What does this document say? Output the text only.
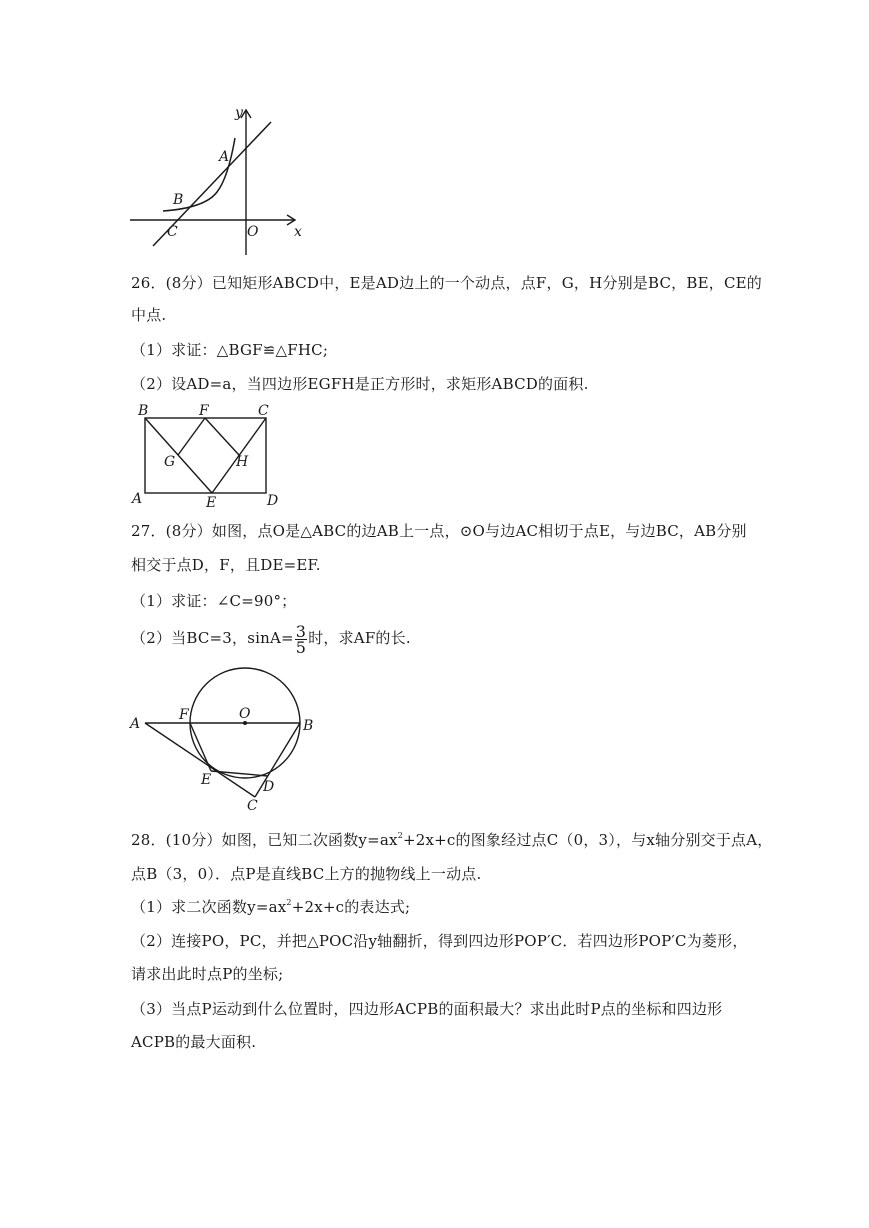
y
x
A
B
C	O
26．(8分）已知矩形ABCD中，E是AD边上的一个动点，点F，G，H分别是BC，BE，CE的
中点.
（1）求证：△BGF≌△FHC;
（2）设AD=a，当四边形EGFH是正方形时，求矩形ABCD的面积.
B	F	C
G	H
A	E	D
27．(8分）如图，点O是△ABC的边AB上一点，⊙O与边AC相切于点E，与边BC，AB分别
相交于点D，F，且DE=EF.
（1）求证：∠C=90°；
（2）当BC=3，$\sin A= \frac{3}{5}$ 时，求AF的长.
A
F	O
B
E	D
C
28．(10分）如图，已知二次函数$y=ax^2+2x+c$的图象经过点C（0，3），与x轴分别交于点A，
点B（3，0）．点P是直线BC上方的抛物线上一动点.
（1）求二次函数$y=ax^2+2x+c$的表达式;
（2）连接PO，PC，并把△POC沿y轴翻折，得到四边形POP′C．若四边形POP′C为菱形，
请求出此时点P的坐标;
（3）当点P运动到什么位置时，四边形ACPB的面积最大？求出此时P点的坐标和四边形
ACPB的最大面积.
